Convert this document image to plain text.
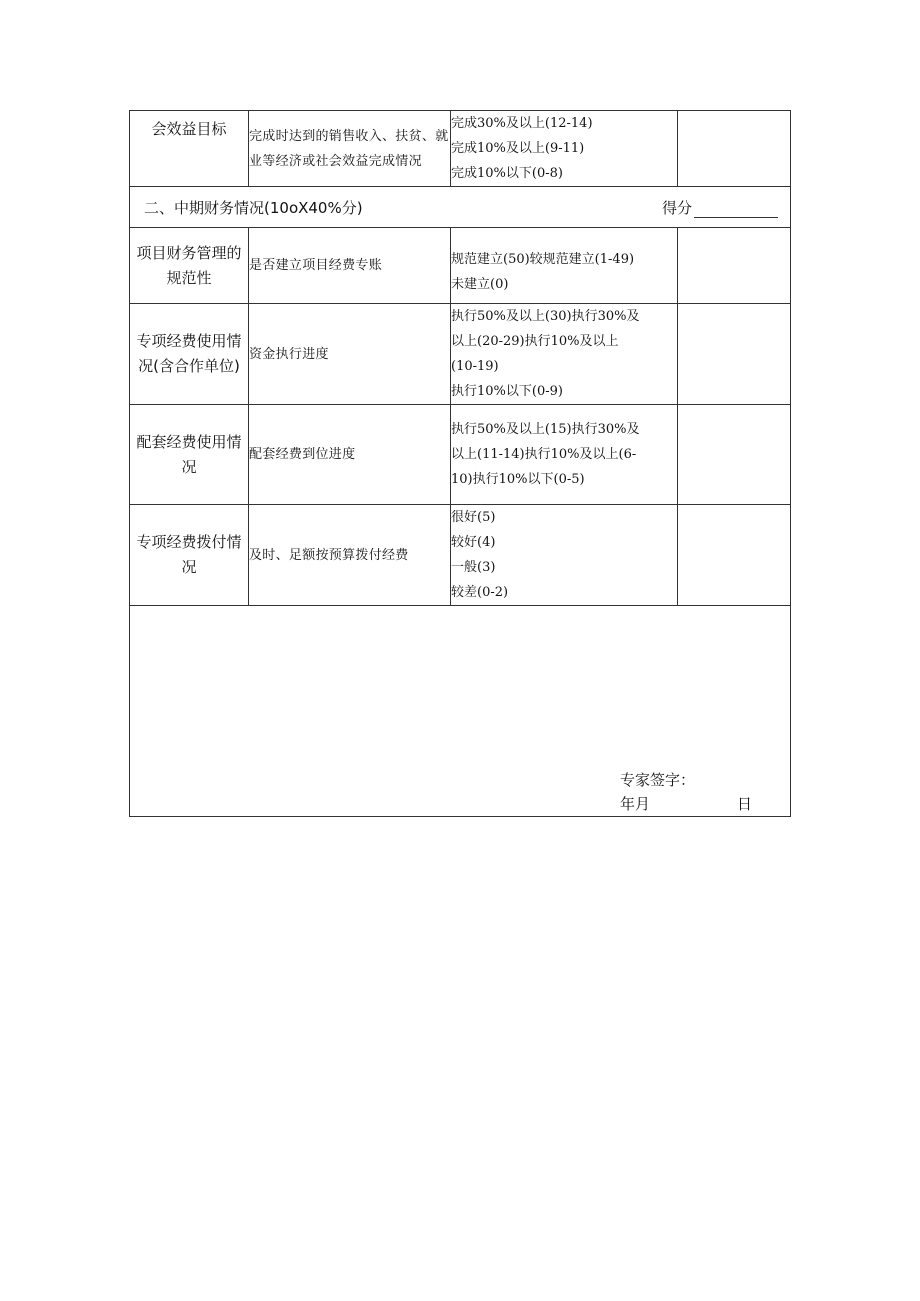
会效益目标	完成时达到的销售收入、扶贫、就业等经济或社会效益完成情况	完成30%及以上(12-14)
完成10%及以上(9-11)
完成10%以下(0-8)	

二、中期财务情况(10oX40%分) 得分			

项目财务管理的规范性	是否建立项目经费专账	规范建立(50)较规范建立(1-49)
未建立(0)	

专项经费使用情况(含合作单位)	资金执行进度	执行50%及以上(30)执行30%及
以上(20-29)执行10%及以上
(10-19)
执行10%以下(0-9)	

配套经费使用情况	配套经费到位进度	执行50%及以上(15)执行30%及
以上(11-14)执行10%及以上(6-
10)执行10%以下(0-5)	

专项经费拨付情况	及时、足额按预算拨付经费	很好(5)
较好(4)
一般(3)
较差(0-2)	

专家签字：
年月 日			
